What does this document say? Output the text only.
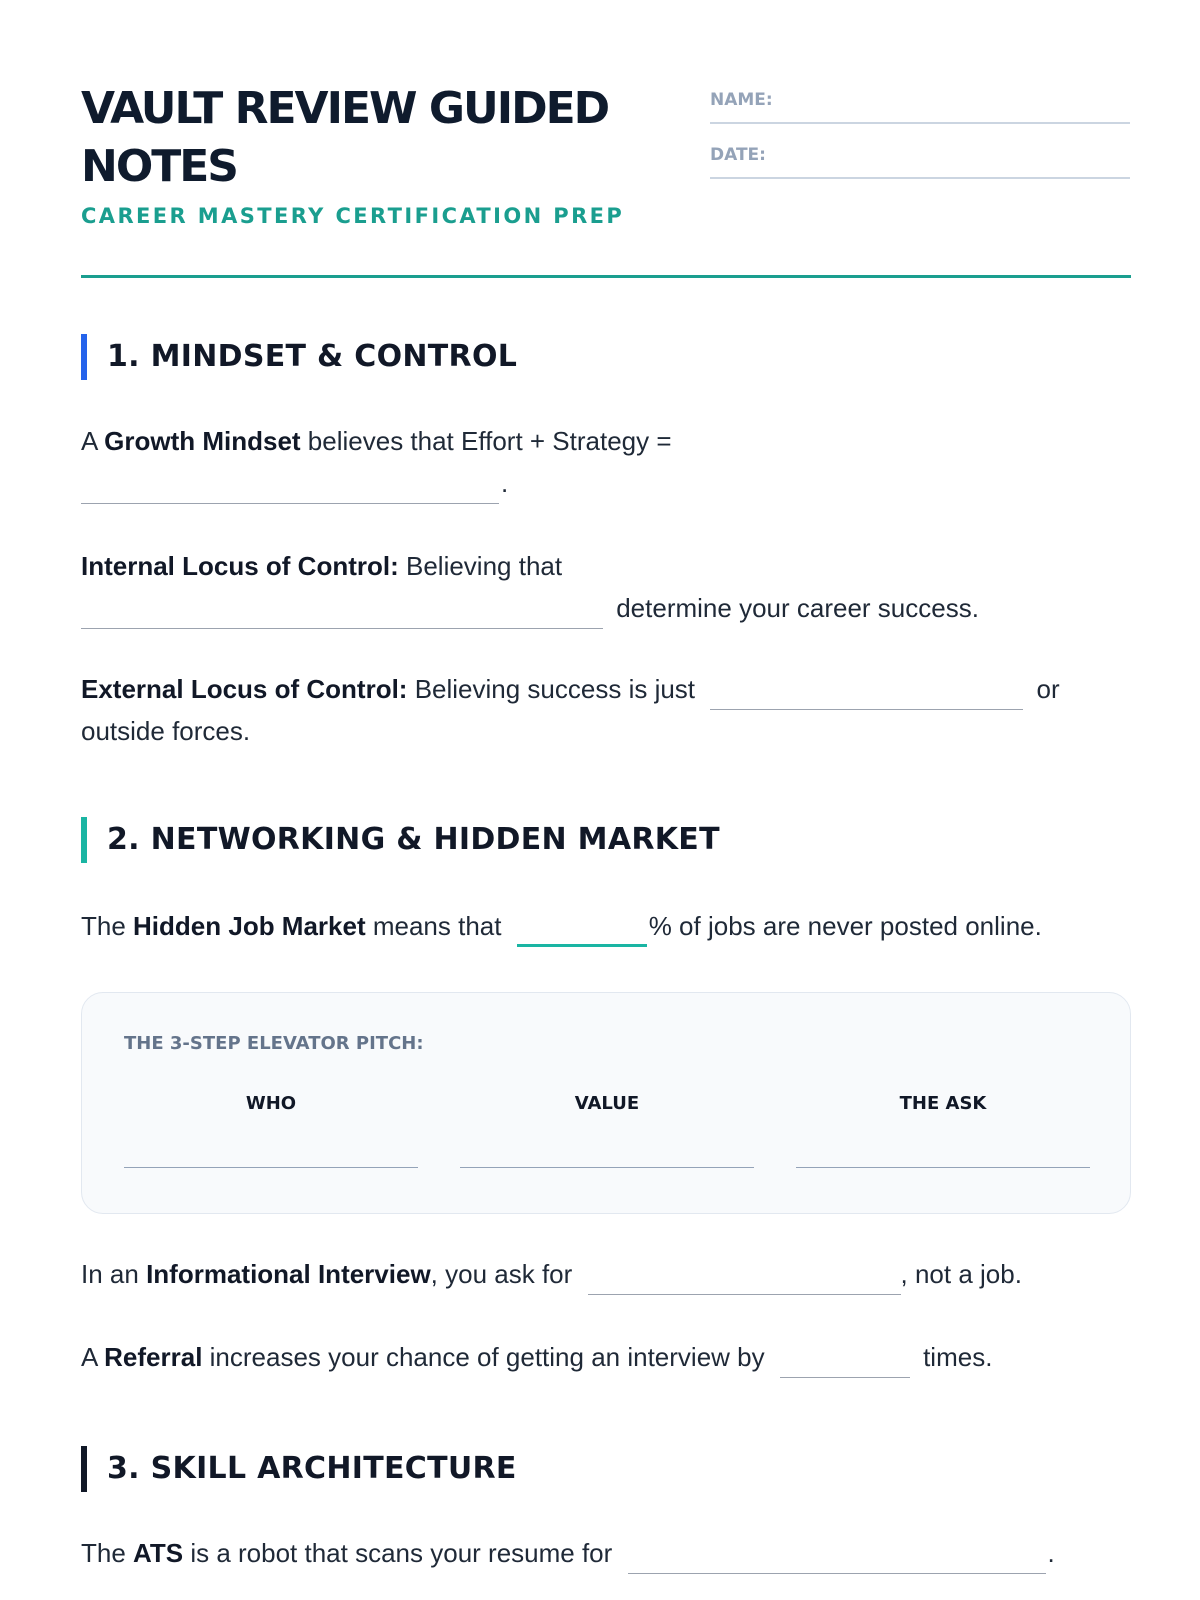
VAULT REVIEW GUIDED NOTES
CAREER MASTERY CERTIFICATION PREP
NAME:
DATE:
1. MINDSET & CONTROL
A Growth Mindset believes that Effort + Strategy =
.
Internal Locus of Control: Believing that
determine your career success.
External Locus of Control: Believing success is just	or outside forces.
2. NETWORKING & HIDDEN MARKET
The Hidden Job Market means that	% of jobs are never posted online.
THE 3-STEP ELEVATOR PITCH:
WHO	VALUE	THE ASK
In an Informational Interview, you ask for	, not a job.
A Referral increases your chance of getting an interview by	times.
3. SKILL ARCHITECTURE
The ATS is a robot that scans your resume for	.
